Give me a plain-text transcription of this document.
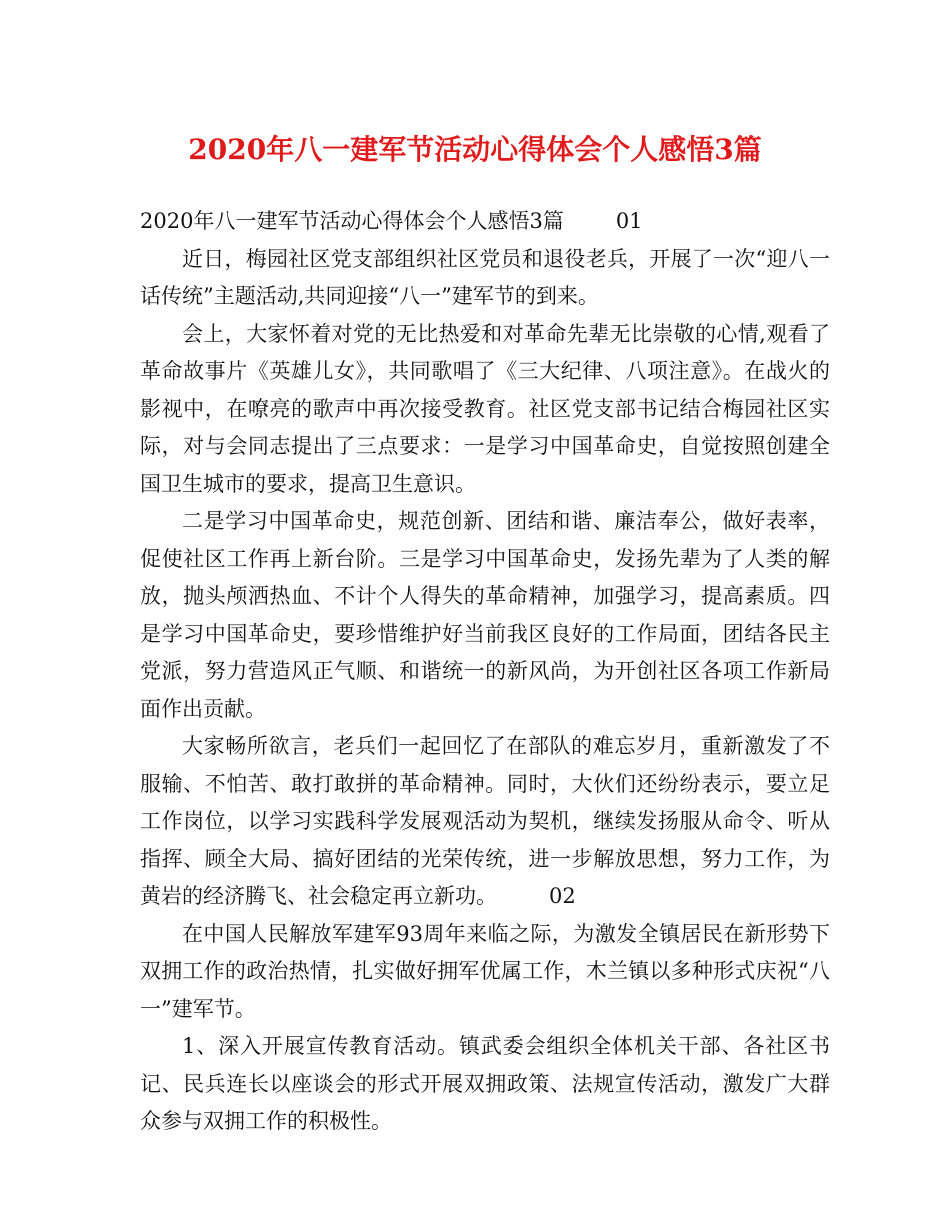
2020年八一建军节活动心得体会个人感悟3篇

2020年八一建军节活动心得体会个人感悟3篇 01

近日，梅园社区党支部组织社区党员和退役老兵，开展了一次“迎八一话传统”主题活动,共同迎接“八一”建军节的到来。

会上，大家怀着对党的无比热爱和对革命先辈无比崇敬的心情,观看了革命故事片《英雄儿女》，共同歌唱了《三大纪律、八项注意》。在战火的影视中，在嘹亮的歌声中再次接受教育。社区党支部书记结合梅园社区实际，对与会同志提出了三点要求：一是学习中国革命史，自觉按照创建全国卫生城市的要求，提高卫生意识。

二是学习中国革命史，规范创新、团结和谐、廉洁奉公，做好表率，促使社区工作再上新台阶。三是学习中国革命史，发扬先辈为了人类的解放，抛头颅洒热血、不计个人得失的革命精神，加强学习，提高素质。四是学习中国革命史，要珍惜维护好当前我区良好的工作局面，团结各民主党派，努力营造风正气顺、和谐统一的新风尚，为开创社区各项工作新局面作出贡献。

大家畅所欲言，老兵们一起回忆了在部队的难忘岁月，重新激发了不服输、不怕苦、敢打敢拼的革命精神。同时，大伙们还纷纷表示，要立足工作岗位，以学习实践科学发展观活动为契机，继续发扬服从命令、听从指挥、顾全大局、搞好团结的光荣传统，进一步解放思想，努力工作，为黄岩的经济腾飞、社会稳定再立新功。 02

在中国人民解放军建军93周年来临之际，为激发全镇居民在新形势下双拥工作的政治热情，扎实做好拥军优属工作，木兰镇以多种形式庆祝“八一”建军节。

1、深入开展宣传教育活动。镇武委会组织全体机关干部、各社区书记、民兵连长以座谈会的形式开展双拥政策、法规宣传活动，激发广大群众参与双拥工作的积极性。
